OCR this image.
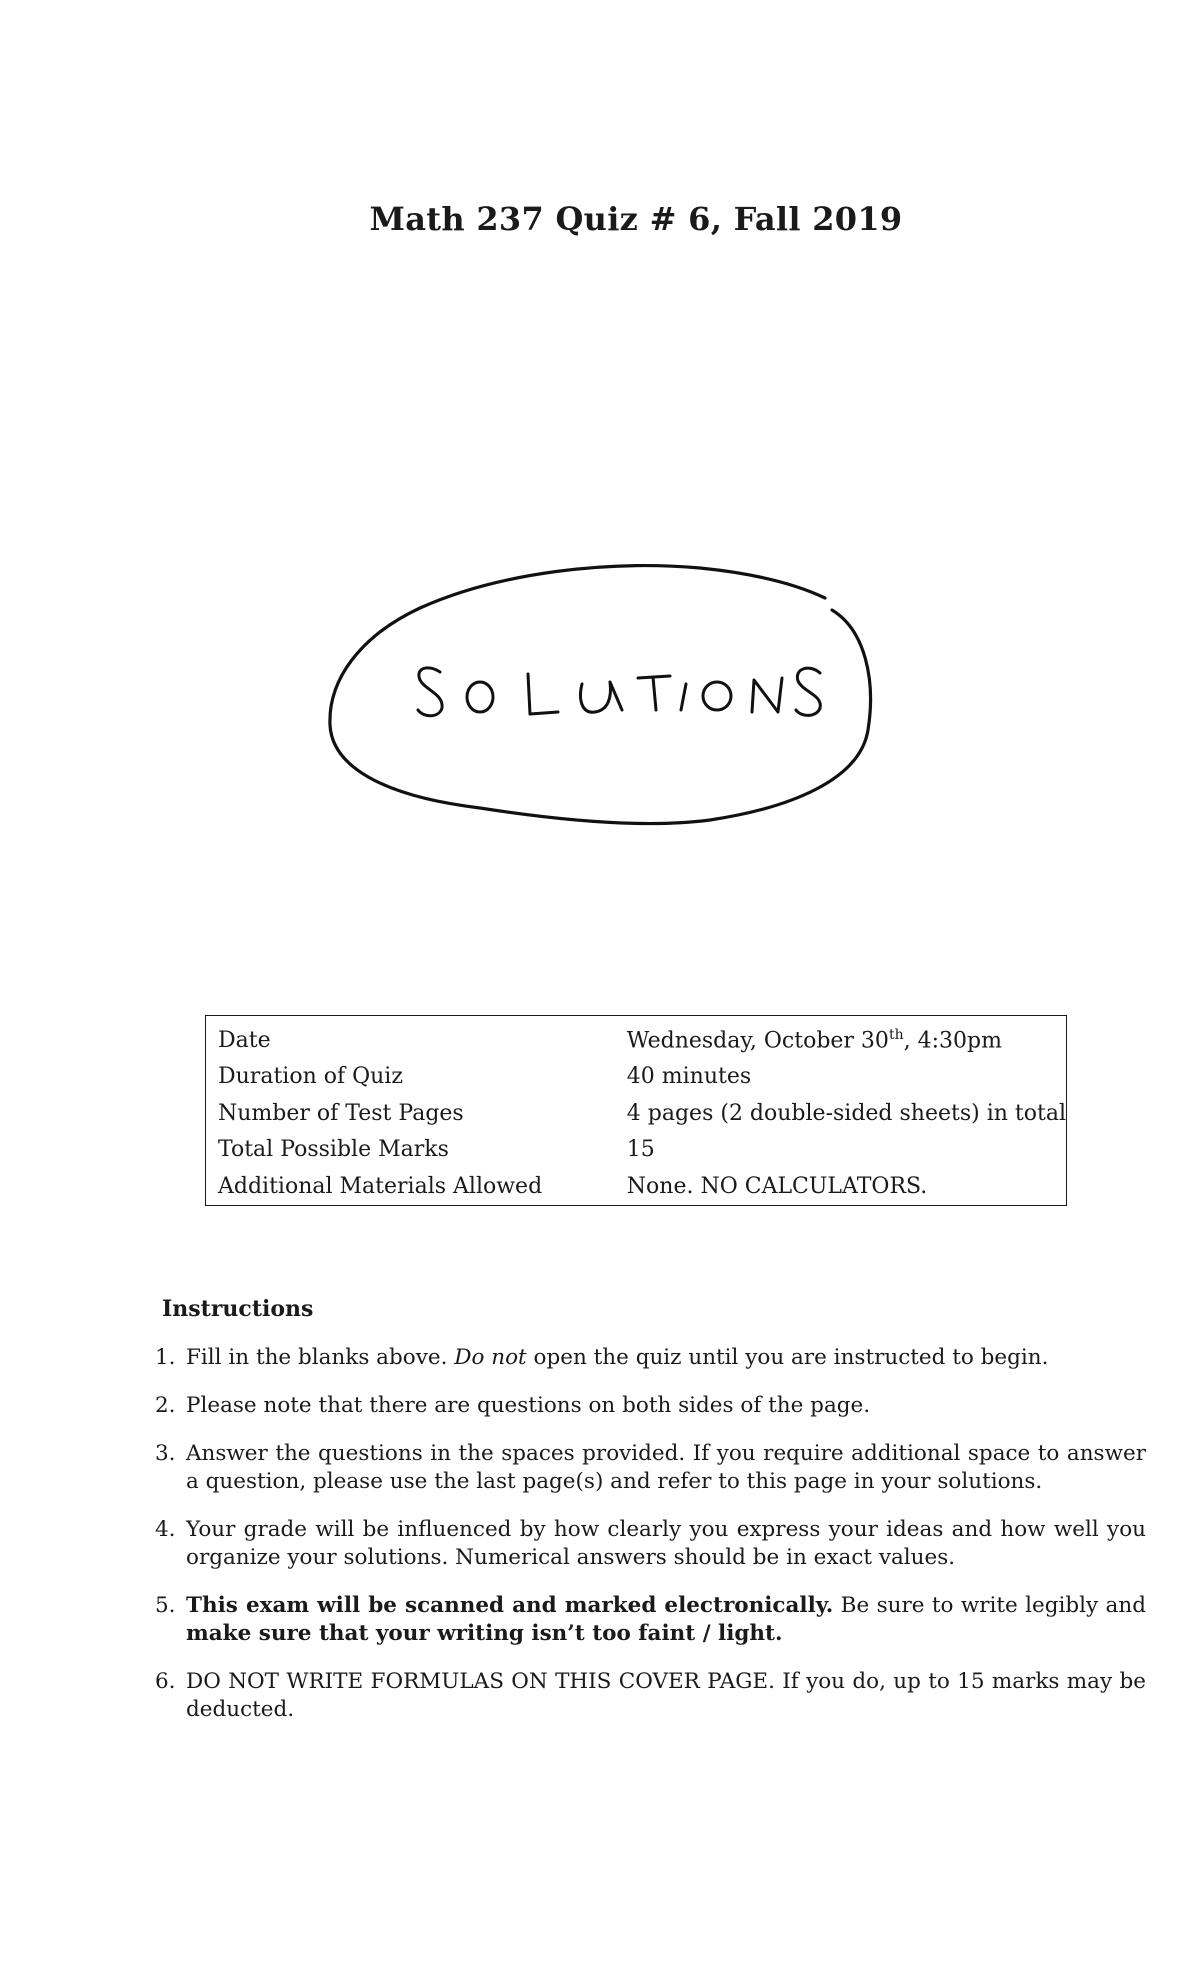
Math 237 Quiz # 6, Fall 2019
Date	Wednesday, October 30th, 4:30pm
Duration of Quiz	40 minutes
Number of Test Pages	4 pages (2 double-sided sheets) in total
Total Possible Marks	15
Additional Materials Allowed	None. NO CALCULATORS.
Instructions
1. Fill in the blanks above. Do not open the quiz until you are instructed to begin.
2. Please note that there are questions on both sides of the page.
3. Answer the questions in the spaces provided. If you require additional space to answer a question, please use the last page(s) and refer to this page in your solutions.
4. Your grade will be influenced by how clearly you express your ideas and how well you organize your solutions. Numerical answers should be in exact values.
5. This exam will be scanned and marked electronically. Be sure to write legibly and make sure that your writing isn’t too faint / light.
6. DO NOT WRITE FORMULAS ON THIS COVER PAGE. If you do, up to 15 marks may be deducted.
